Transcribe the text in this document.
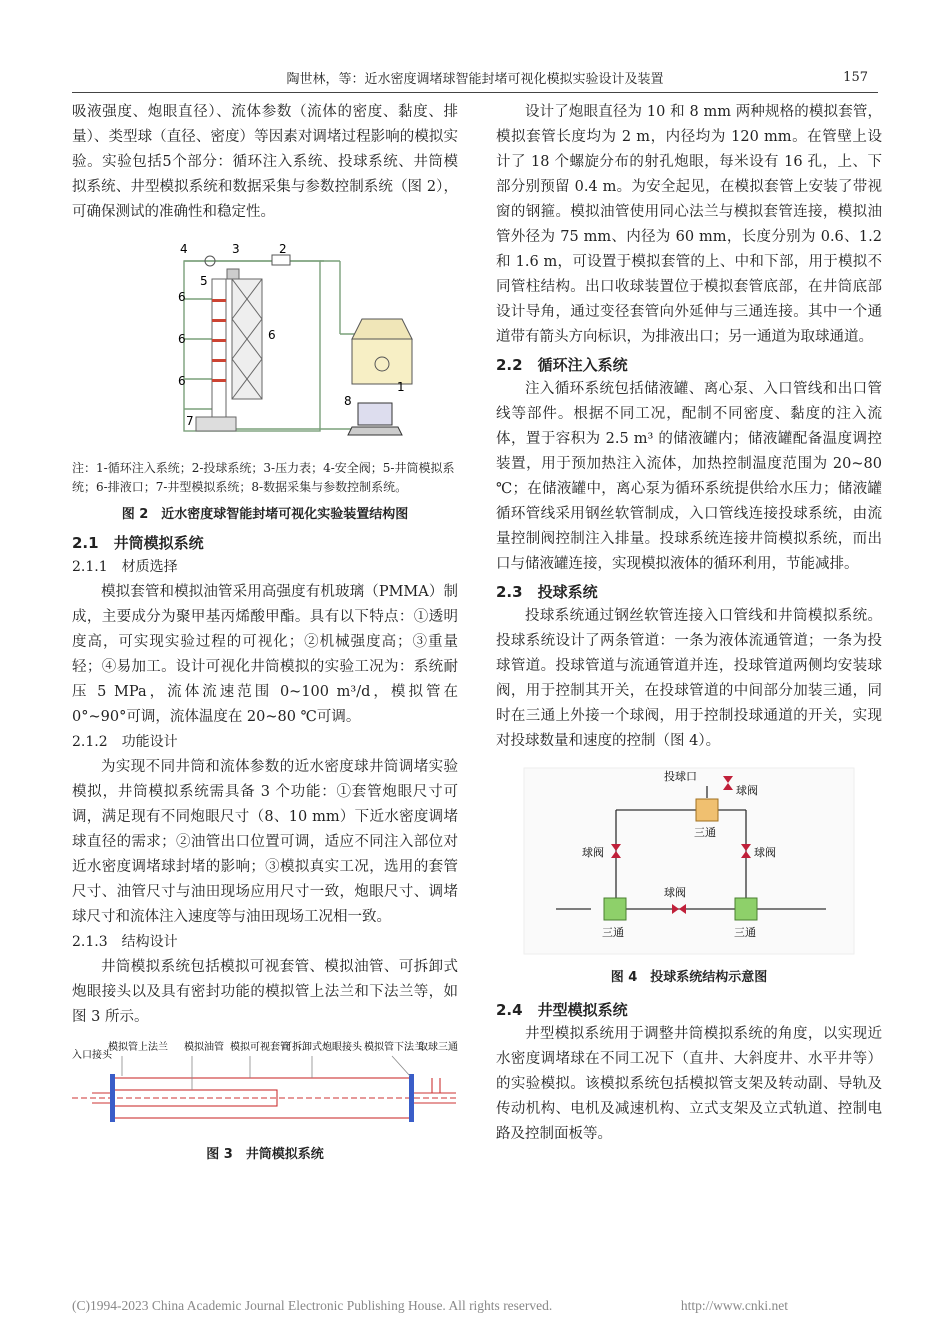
陶世林，等：近水密度调堵球智能封堵可视化模拟实验设计及装置	157

吸液强度、炮眼直径）、流体参数（流体的密度、黏度、排量）、类型球（直径、密度）等因素对调堵过程影响的模拟实验。实验包括5个部分：循环注入系统、投球系统、井筒模拟系统、井型模拟系统和数据采集与参数控制系统（图 2），可确保测试的准确性和稳定性。

1
2
3
4
5
6
6
6
6
7
8
注：1-循环注入系统；2-投球系统；3-压力表；4-安全阀；5-井筒模拟系统；6-排液口；7-井型模拟系统；8-数据采集与参数控制系统。
图 2　近水密度球智能封堵可视化实验装置结构图
2.1　井筒模拟系统
2.1.1　材质选择

模拟套管和模拟油管采用高强度有机玻璃（PMMA）制成，主要成分为聚甲基丙烯酸甲酯。具有以下特点：①透明度高，可实现实验过程的可视化；②机械强度高；③重量轻；④易加工。设计可视化井筒模拟的实验工况为：系统耐压 5 MPa，流体流速范围 0~100 m³/d，模拟管在 0°~90°可调，流体温度在 20~80 ℃可调。

2.1.2　功能设计

为实现不同井筒和流体参数的近水密度球井筒调堵实验模拟，井筒模拟系统需具备 3 个功能：①套管炮眼尺寸可调，满足现有不同炮眼尺寸（8、10 mm）下近水密度调堵球直径的需求；②油管出口位置可调，适应不同注入部位对近水密度调堵球封堵的影响；③模拟真实工况，选用的套管尺寸、油管尺寸与油田现场应用尺寸一致，炮眼尺寸、调堵球尺寸和流体注入速度等与油田现场工况相一致。

2.1.3　结构设计

井筒模拟系统包括模拟可视套管、模拟油管、可拆卸式炮眼接头以及具有密封功能的模拟管上法兰和下法兰等，如图 3 所示。

入口接头
模拟管上法兰 模拟油管 模拟可视套管
可拆卸式炮眼接头 模拟管下法兰
取球三通
图 3　井筒模拟系统

设计了炮眼直径为 10 和 8 mm 两种规格的模拟套管，模拟套管长度均为 2 m，内径均为 120 mm。在管壁上设计了 18 个螺旋分布的射孔炮眼，每米设有 16 孔，上、下部分别预留 0.4 m。为安全起见，在模拟套管上安装了带视窗的钢箍。模拟油管使用同心法兰与模拟套管连接，模拟油管外径为 75 mm、内径为 60 mm，长度分别为 0.6、1.2 和 1.6 m，可设置于模拟套管的上、中和下部，用于模拟不同管柱结构。出口收球装置位于模拟套管底部，在井筒底部设计导角，通过变径套管向外延伸与三通连接。其中一个通道带有箭头方向标识，为排液出口；另一通道为取球通道。

2.2　循环注入系统

注入循环系统包括储液罐、离心泵、入口管线和出口管线等部件。根据不同工况，配制不同密度、黏度的注入流体，置于容积为 2.5 m³ 的储液罐内；储液罐配备温度调控装置，用于预加热注入流体，加热控制温度范围为 20~80 ℃；在储液罐中，离心泵为循环系统提供给水压力；储液罐循环管线采用钢丝软管制成，入口管线连接投球系统，由流量控制阀控制注入排量。投球系统连接井筒模拟系统，而出口与储液罐连接，实现模拟液体的循环利用，节能减排。

2.3　投球系统

投球系统通过钢丝软管连接入口管线和井筒模拟系统。投球系统设计了两条管道：一条为液体流通管道；一条为投球管道。投球管道与流通管道并连，投球管道两侧均安装球阀，用于控制其开关，在投球管道的中间部分加装三通，同时在三通上外接一个球阀，用于控制投球通道的开关，实现对投球数量和速度的控制（图 4）。

投球口
球阀
三通
球阀	球阀
球阀
三通	三通
图 4　投球系统结构示意图
2.4　井型模拟系统

井型模拟系统用于调整井筒模拟系统的角度，以实现近水密度调堵球在不同工况下（直井、大斜度井、水平井等）的实验模拟。该模拟系统包括模拟管支架及转动副、导轨及传动机构、电机及减速机构、立式支架及立式轨道、控制电路及控制面板等。

(C)1994-2023 China Academic Journal Electronic Publishing House. All rights reserved.	http://www.cnki.net
